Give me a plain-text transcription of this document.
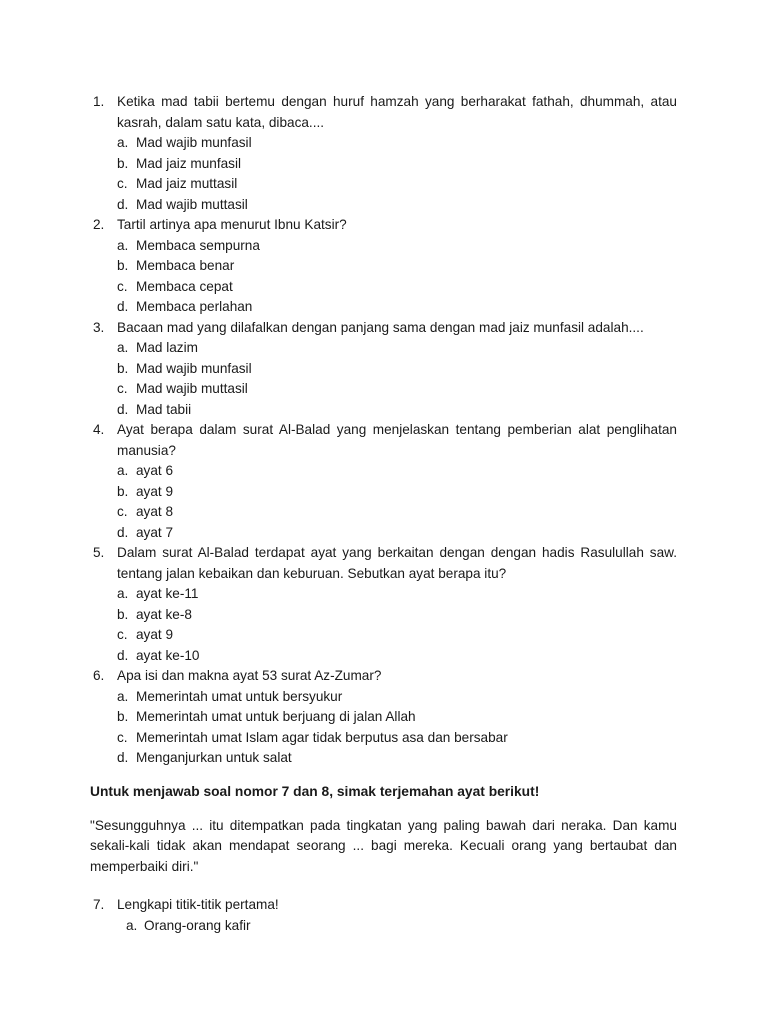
1. Ketika mad tabii bertemu dengan huruf hamzah yang berharakat fathah, dhummah, atau kasrah, dalam satu kata, dibaca....
a. Mad wajib munfasil
b. Mad jaiz munfasil
c. Mad jaiz muttasil
d. Mad wajib muttasil
2. Tartil artinya apa menurut Ibnu Katsir?
a. Membaca sempurna
b. Membaca benar
c. Membaca cepat
d. Membaca perlahan
3. Bacaan mad yang dilafalkan dengan panjang sama dengan mad jaiz munfasil adalah....
a. Mad lazim
b. Mad wajib munfasil
c. Mad wajib muttasil
d. Mad tabii
4. Ayat berapa dalam surat Al-Balad yang menjelaskan tentang pemberian alat penglihatan manusia?
a. ayat 6
b. ayat 9
c. ayat 8
d. ayat 7
5. Dalam surat Al-Balad terdapat ayat yang berkaitan dengan dengan hadis Rasulullah saw. tentang jalan kebaikan dan keburuan. Sebutkan ayat berapa itu?
a. ayat ke-11
b. ayat ke-8
c. ayat 9
d. ayat ke-10
6. Apa isi dan makna ayat 53 surat Az-Zumar?
a. Memerintah umat untuk bersyukur
b. Memerintah umat untuk berjuang di jalan Allah
c. Memerintah umat Islam agar tidak berputus asa dan bersabar
d. Menganjurkan untuk salat
Untuk menjawab soal nomor 7 dan 8, simak terjemahan ayat berikut!
"Sesungguhnya ... itu ditempatkan pada tingkatan yang paling bawah dari neraka. Dan kamu sekali-kali tidak akan mendapat seorang ... bagi mereka. Kecuali orang yang bertaubat dan memperbaiki diri."
7. Lengkapi titik-titik pertama!
a. Orang-orang kafir
